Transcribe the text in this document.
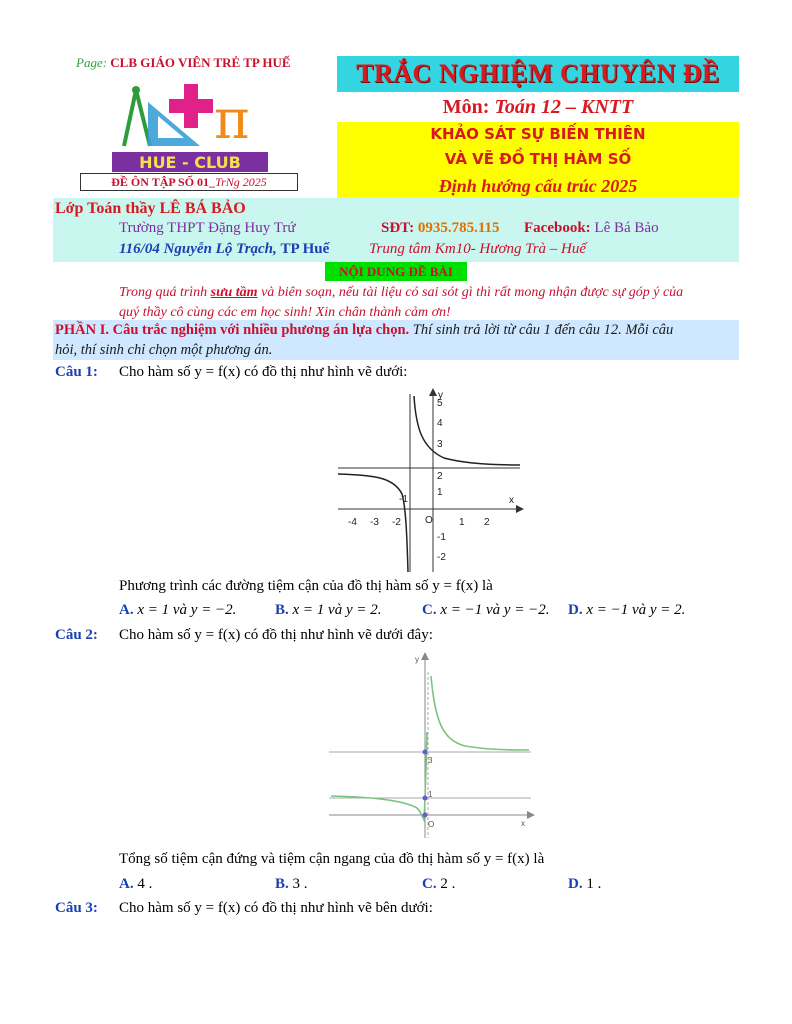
Page: CLB GIÁO VIÊN TRẺ TP HUẾ
π
HUE - CLUB
ĐỀ ÔN TẬP SỐ 01_TrNg 2025
TRẮC NGHIỆM CHUYÊN ĐỀ
Môn: Toán 12 – KNTT
KHẢO SÁT SỰ BIẾN THIÊN
VÀ VẼ ĐỒ THỊ HÀM SỐ
Định hướng cấu trúc 2025
Lớp Toán thầy LÊ BÁ BẢO
Trường THPT Đặng Huy Trứ	SĐT: 0935.785.115 Facebook: Lê Bá Bảo
116/04 Nguyễn Lộ Trạch, TP Huế	Trung tâm Km10- Hương Trà – Huế
NỘI DUNG ĐỀ BÀI
Trong quá trình sưu tầm và biên soạn, nếu tài liệu có sai sót gì thì rất mong nhận được sự góp ý của
quý thầy cô cùng các em học sinh! Xin chân thành cảm ơn!
PHẦN I. Câu trắc nghiệm với nhiều phương án lựa chọn. Thí sinh trả lời từ câu 1 đến câu 12. Mỗi câu
hỏi, thí sinh chỉ chọn một phương án.
Câu 1: Cho hàm số y = f(x) có đồ thị như hình vẽ dưới:
x
y
O
-4 -3 -2	1 2
5
4
3
2
1
-1
-2
-1
Phương trình các đường tiệm cận của đồ thị hàm số y = f(x) là
A. x = 1 và y = −2.	B. x = 1 và y = 2.	C. x = −1 và y = −2. D. x = −1 và y = 2.
Câu 2: Cho hàm số y = f(x) có đồ thị như hình vẽ dưới đây:
x
y
O
3
1
Tổng số tiệm cận đứng và tiệm cận ngang của đồ thị hàm số y = f(x) là
A. 4 .	B. 3 .	C. 2 .	D. 1 .
Câu 3: Cho hàm số y = f(x) có đồ thị như hình vẽ bên dưới:
